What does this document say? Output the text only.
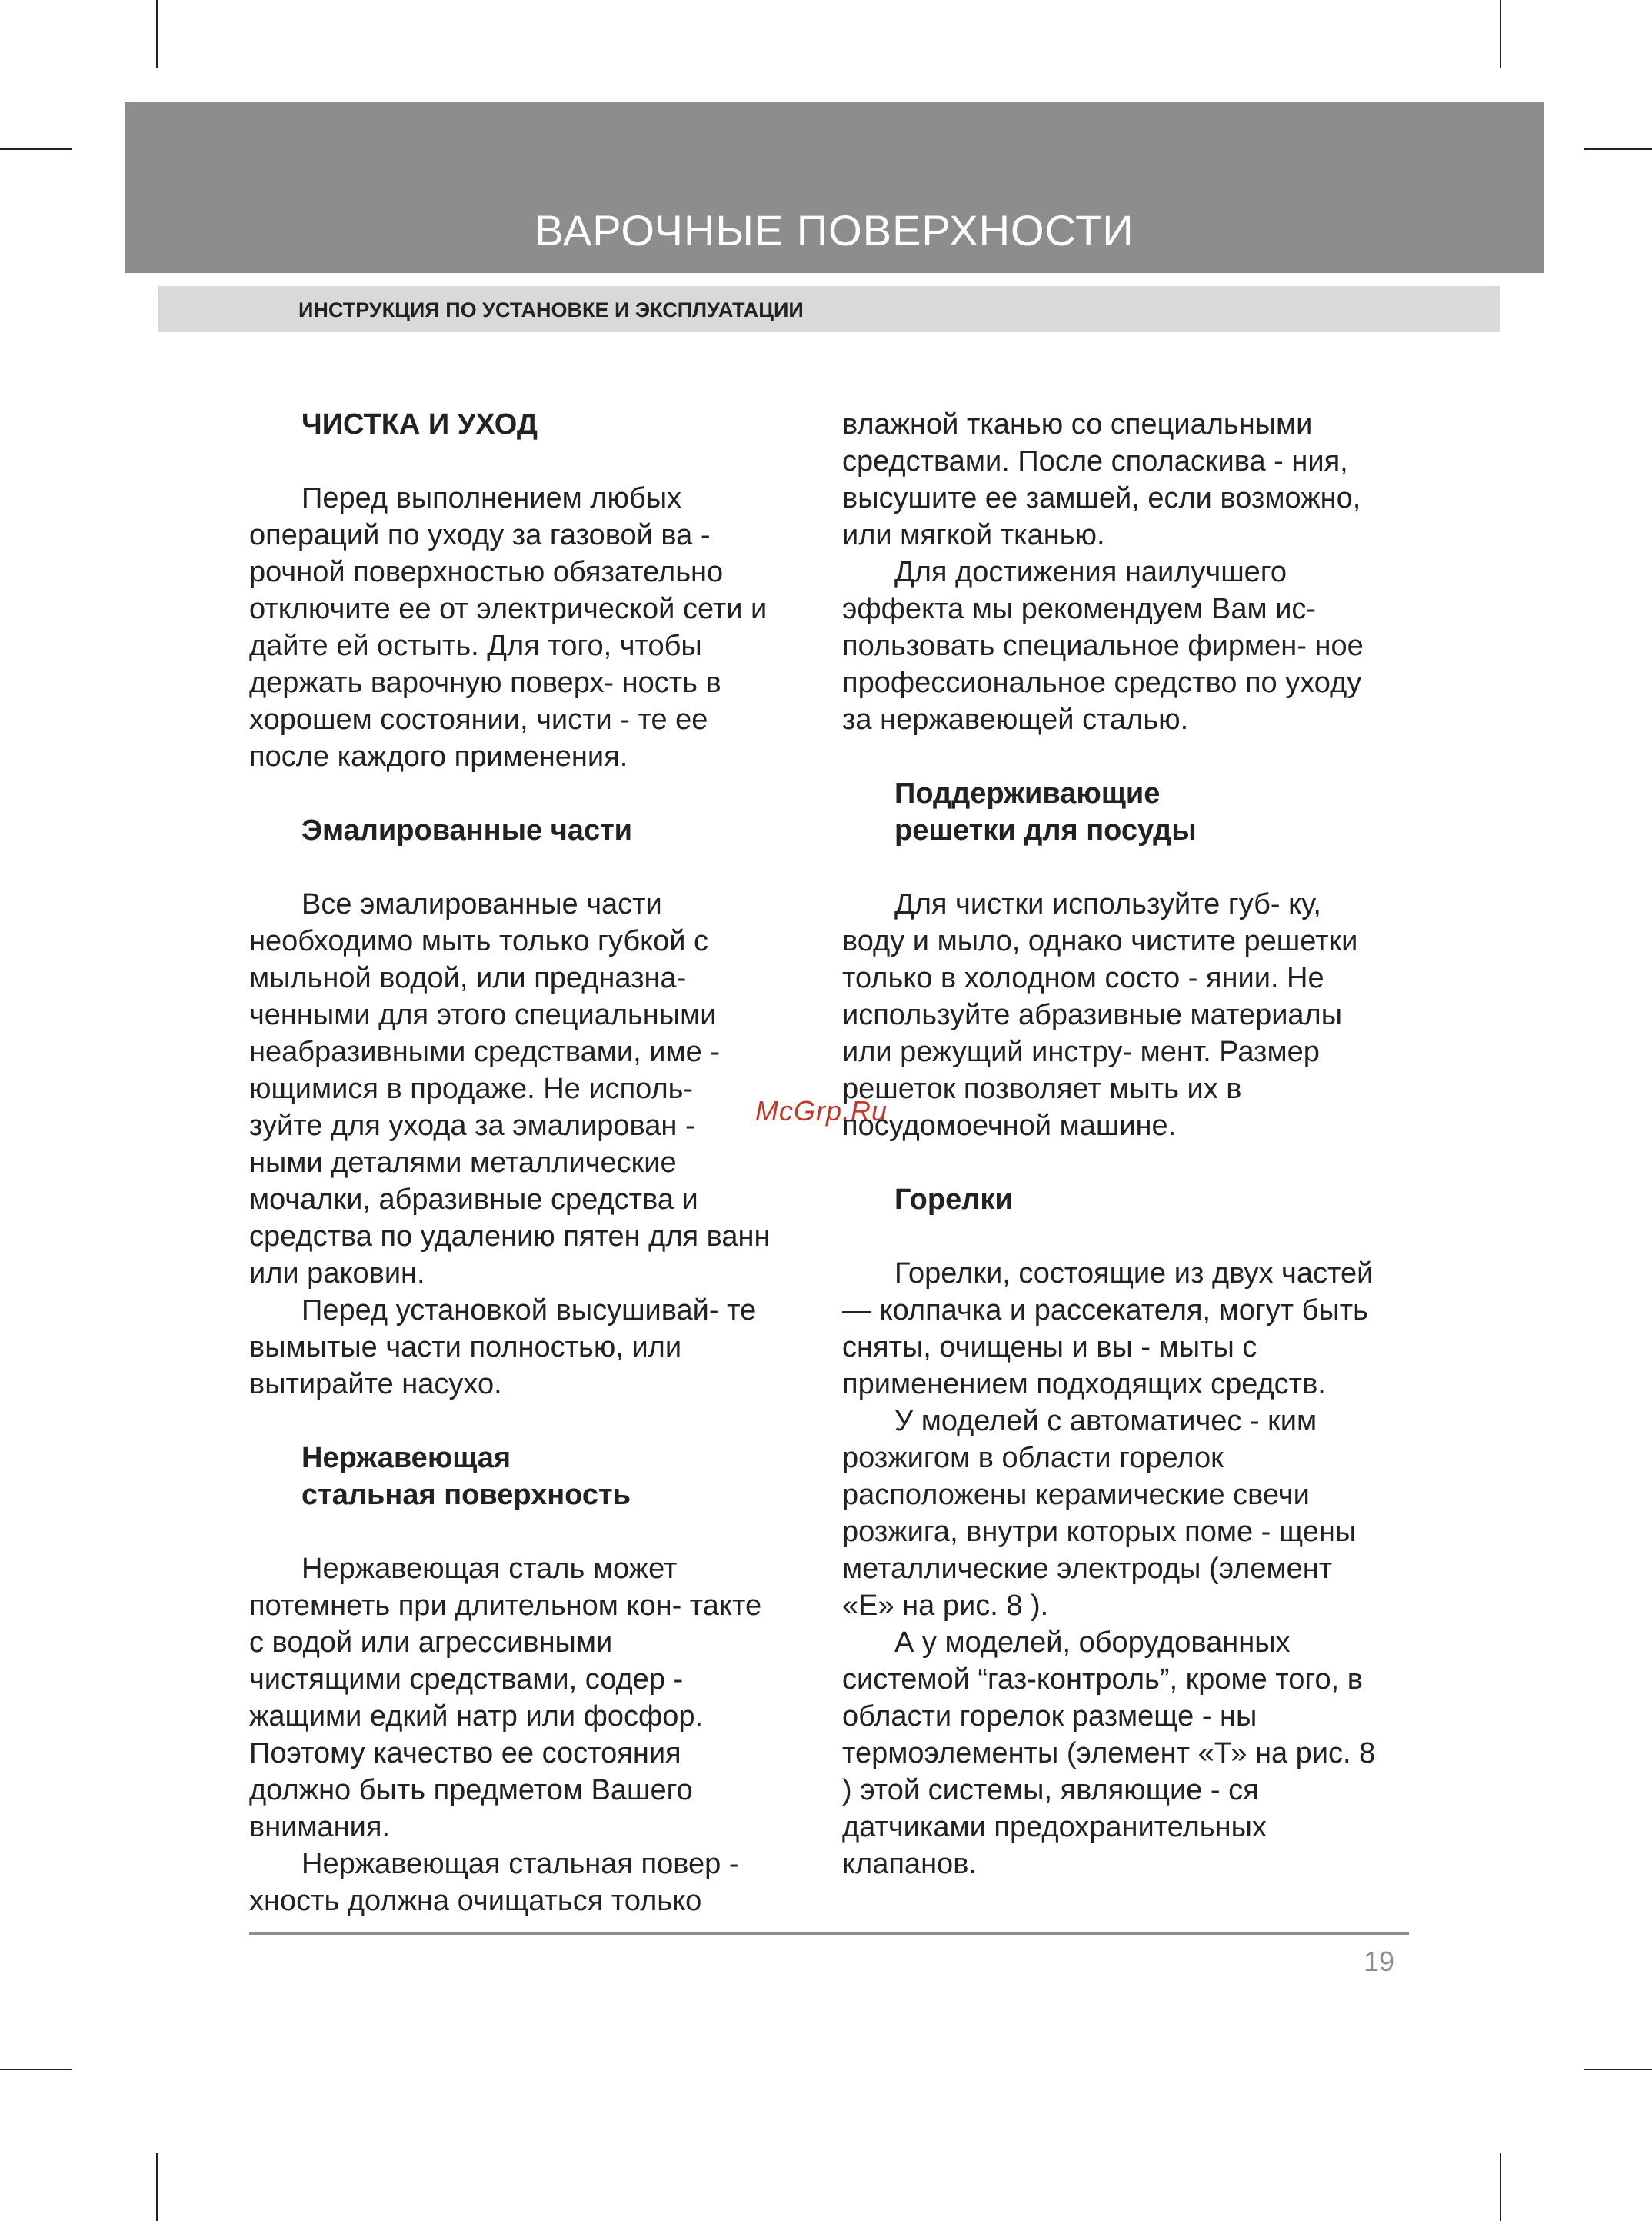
ВАРОЧНЫЕ ПОВЕРХНОСТИ
ИНСТРУКЦИЯ ПО УСТАНОВКЕ И ЭКСПЛУАТАЦИИ

ЧИСТКА И УХОД

Перед выполнением любых операций по уходу за газовой ва - рочной поверхностью обязательно отключите ее от электрической сети и дайте ей остыть. Для того, чтобы держать варочную поверх- ность в хорошем состоянии, чисти - те ее после каждого применения.

Эмалированные части

Все эмалированные части необходимо мыть только губкой с мыльной водой, или предназна- ченными для этого специальными неабразивными средствами, име - ющимися в продаже. Не исполь- зуйте для ухода за эмалирован - ными деталями металлические мочалки, абразивные средства и средства по удалению пятен для ванн или раковин.

Перед установкой высушивай- те вымытые части полностью, или вытирайте насухо.

Нержавеющая

стальная поверхность

Нержавеющая сталь может потемнеть при длительном кон- такте с водой или агрессивными чистящими средствами, содер - жащими едкий натр или фосфор. Поэтому качество ее состояния должно быть предметом Вашего внимания.

Нержавеющая стальная повер - хность должна очищаться только

влажной тканью со специальными средствами. После споласкива - ния, высушите ее замшей, если возможно, или мягкой тканью.

Для достижения наилучшего эффекта мы рекомендуем Вам ис- пользовать специальное фирмен- ное профессиональное средство по уходу за нержавеющей сталью.

Поддерживающие

решетки для посуды

Для чистки используйте губ- ку, воду и мыло, однако чистите решетки только в холодном состо - янии. Не используйте абразивные материалы или режущий инстру- мент. Размер решеток позволяет мыть их в посудомоечной машине.

Горелки

Горелки, состоящие из двух частей — колпачка и рассекателя, могут быть сняты, очищены и вы - мыты с применением подходящих средств.

У моделей с автоматичес - ким розжигом в области горелок расположены керамические свечи розжига, внутри которых поме - щены металлические электроды (элемент «Е» на рис. 8 ).

А у моделей, оборудованных системой “газ-контроль”, кроме того, в области горелок размеще - ны термоэлементы (элемент «Т» на рис. 8 ) этой системы, являющие - ся датчиками предохранительных клапанов.

McGrp.Ru
19
